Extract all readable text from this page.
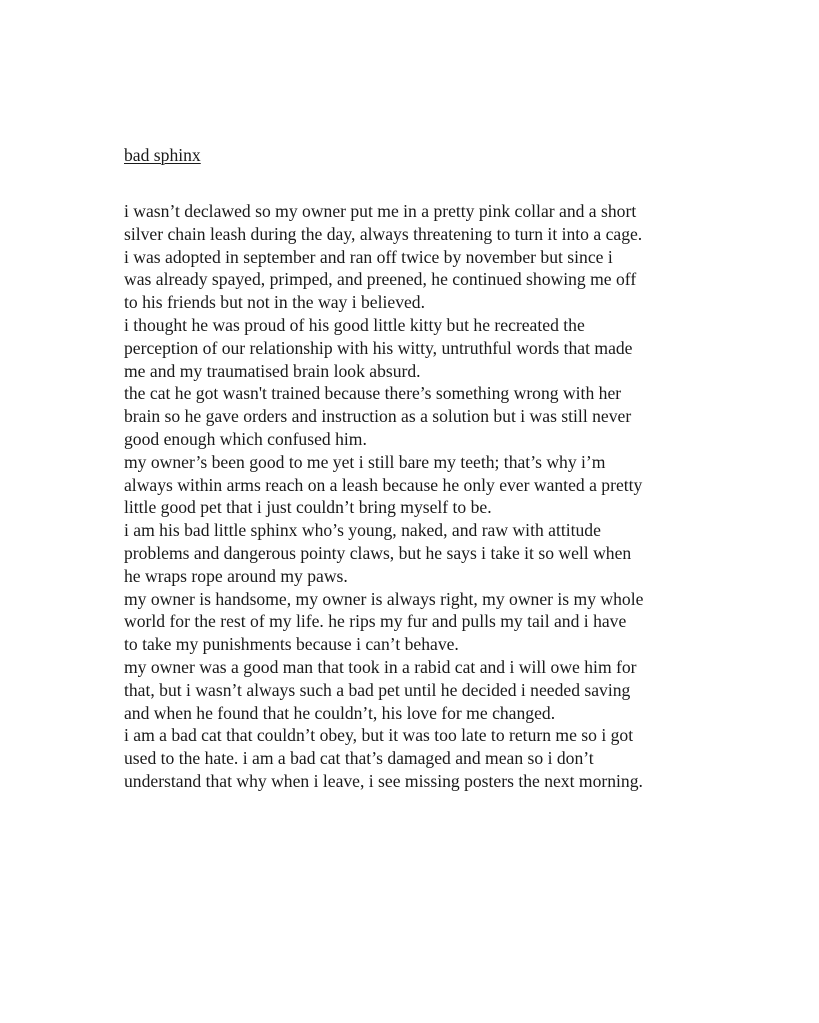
bad sphinx
i wasn’t declawed so my owner put me in a pretty pink collar and a short
silver chain leash during the day, always threatening to turn it into a cage.
i was adopted in september and ran off twice by november but since i
was already spayed, primped, and preened, he continued showing me off
to his friends but not in the way i believed.
i thought he was proud of his good little kitty but he recreated the
perception of our relationship with his witty, untruthful words that made
me and my traumatised brain look absurd.
the cat he got wasn't trained because there’s something wrong with her
brain so he gave orders and instruction as a solution but i was still never
good enough which confused him.
my owner’s been good to me yet i still bare my teeth; that’s why i’m
always within arms reach on a leash because he only ever wanted a pretty
little good pet that i just couldn’t bring myself to be.
i am his bad little sphinx who’s young, naked, and raw with attitude
problems and dangerous pointy claws, but he says i take it so well when
he wraps rope around my paws.
my owner is handsome, my owner is always right, my owner is my whole
world for the rest of my life. he rips my fur and pulls my tail and i have
to take my punishments because i can’t behave.
my owner was a good man that took in a rabid cat and i will owe him for
that, but i wasn’t always such a bad pet until he decided i needed saving
and when he found that he couldn’t, his love for me changed.
i am a bad cat that couldn’t obey, but it was too late to return me so i got
used to the hate. i am a bad cat that’s damaged and mean so i don’t
understand that why when i leave, i see missing posters the next morning.
